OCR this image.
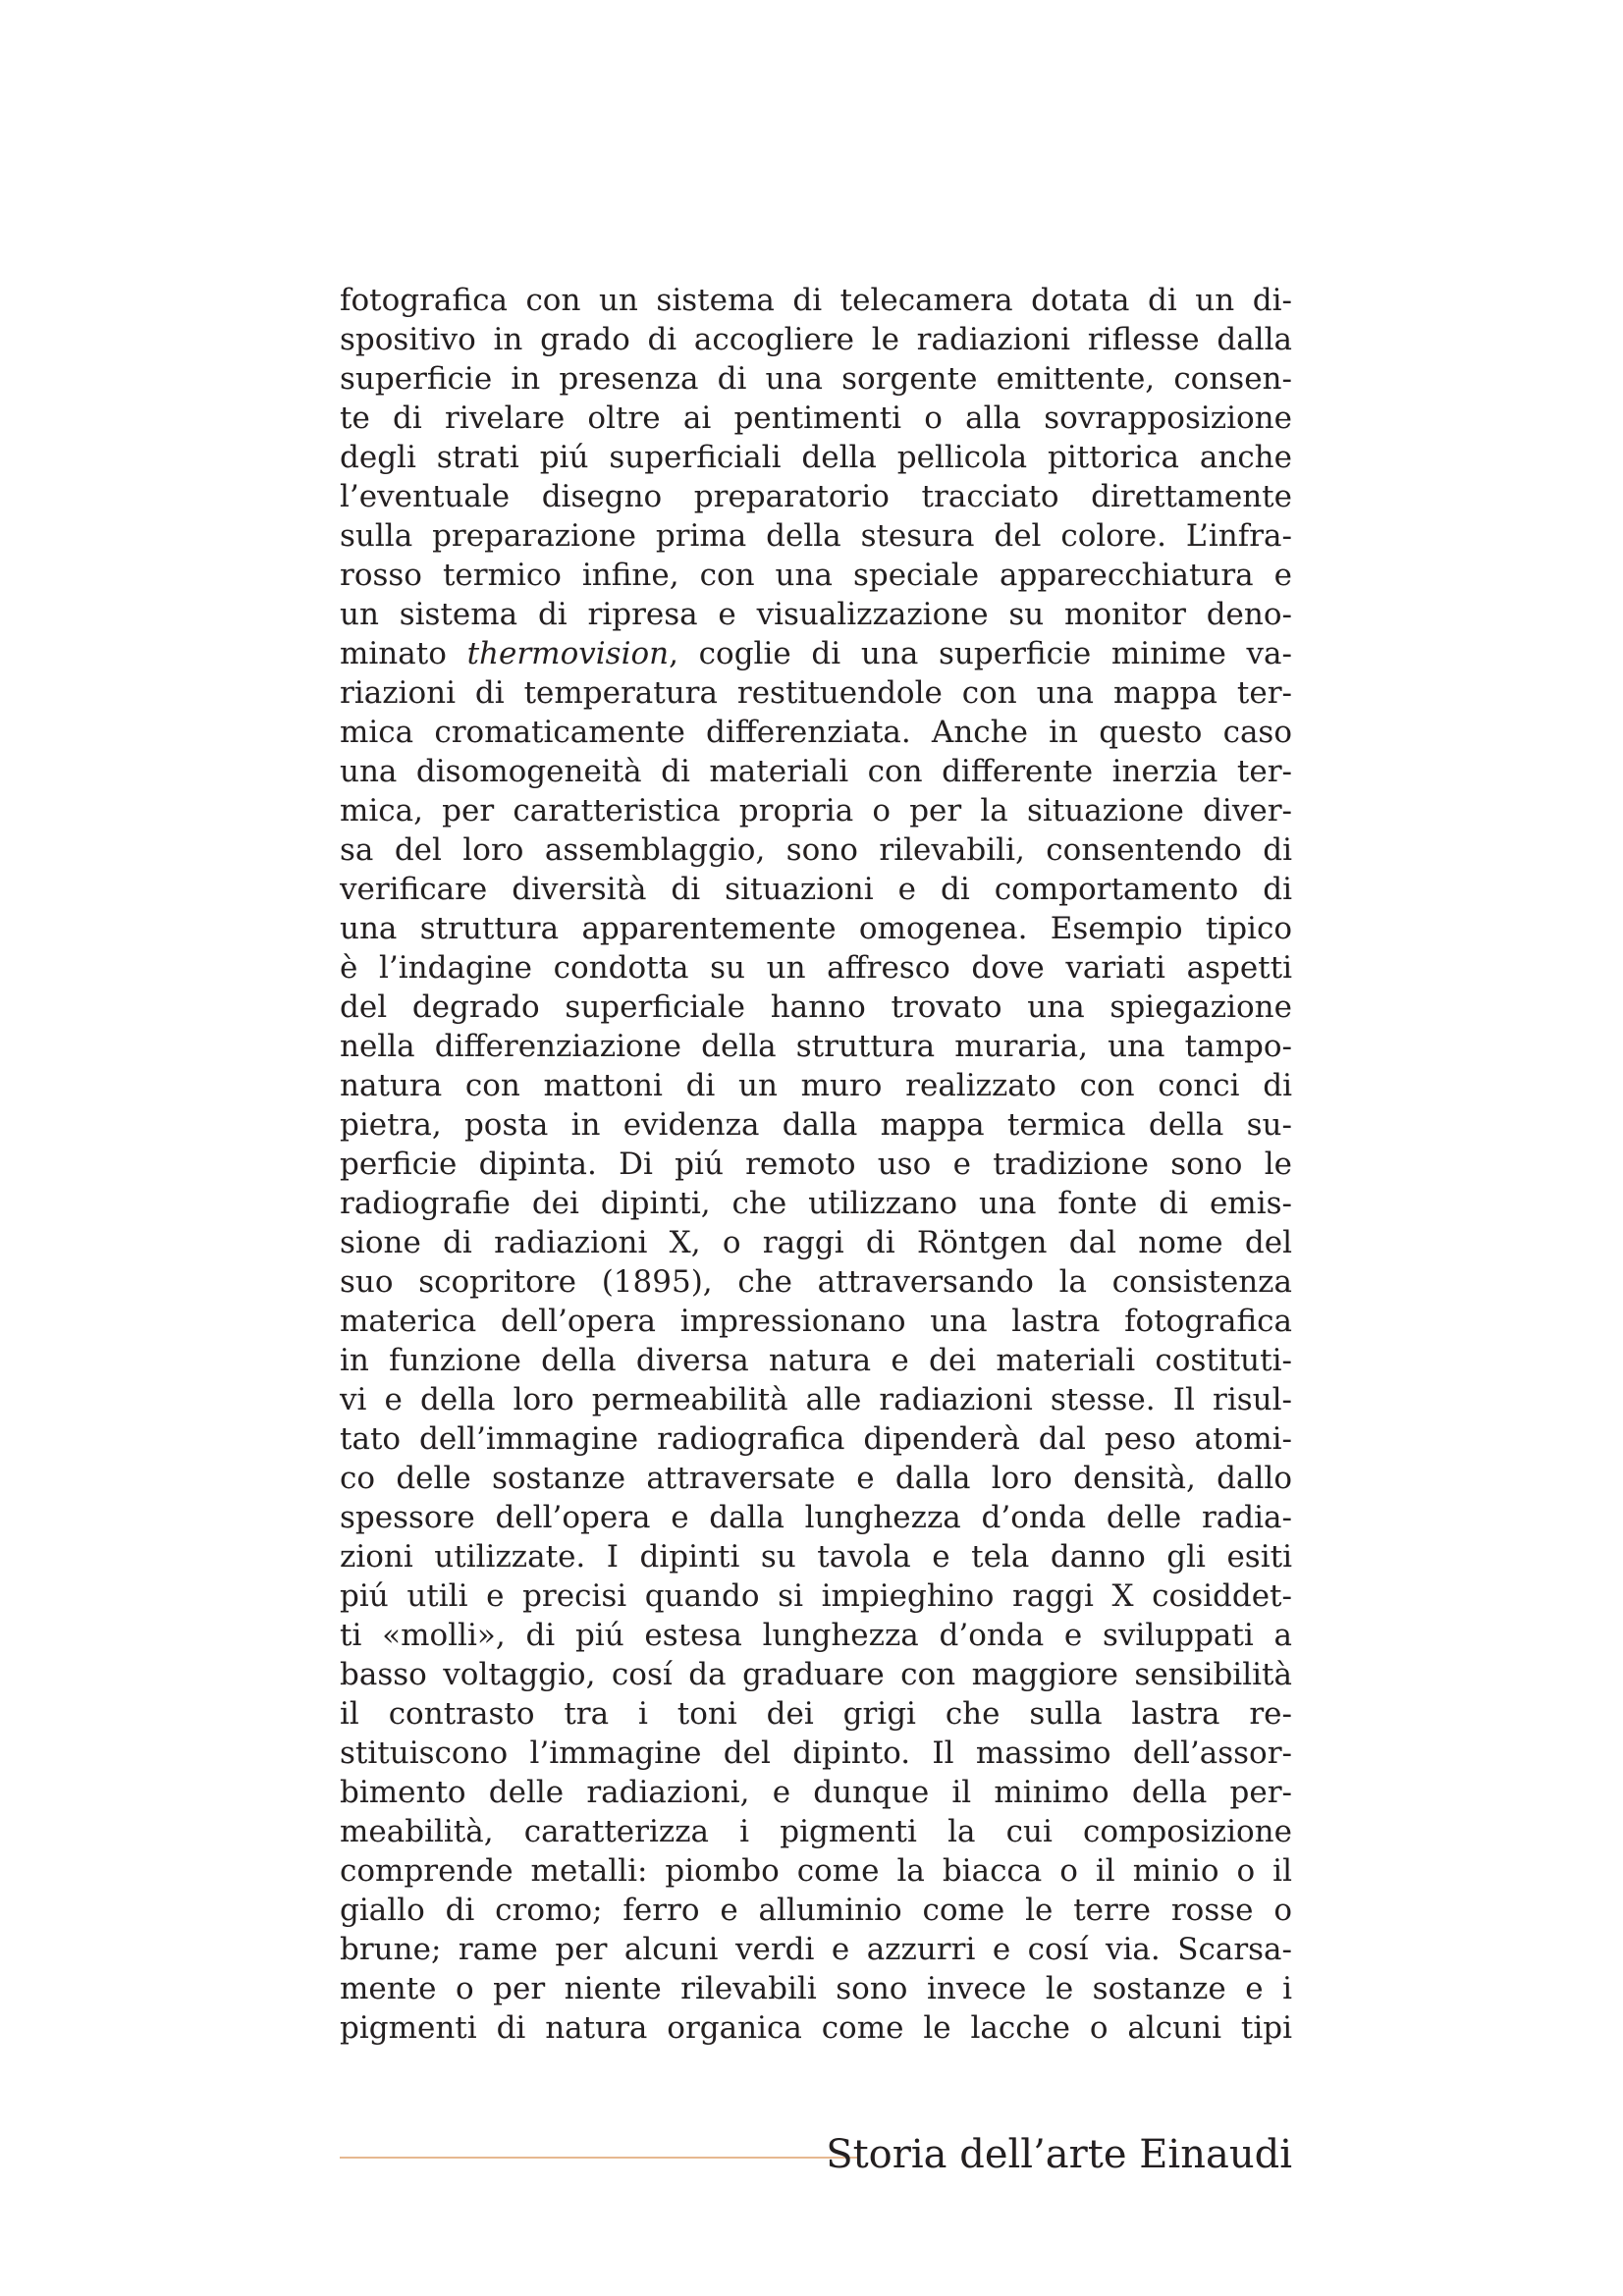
fotografica con un sistema di telecamera dotata di un di-
spositivo in grado di accogliere le radiazioni riflesse dalla
superficie in presenza di una sorgente emittente, consen-
te di rivelare oltre ai pentimenti o alla sovrapposizione
degli strati piú superficiali della pellicola pittorica anche
l’eventuale disegno preparatorio tracciato direttamente
sulla preparazione prima della stesura del colore. L’infra-
rosso termico infine, con una speciale apparecchiatura e
un sistema di ripresa e visualizzazione su monitor deno-
minato thermovision, coglie di una superficie minime va-
riazioni di temperatura restituendole con una mappa ter-
mica cromaticamente differenziata. Anche in questo caso
una disomogeneità di materiali con differente inerzia ter-
mica, per caratteristica propria o per la situazione diver-
sa del loro assemblaggio, sono rilevabili, consentendo di
verificare diversità di situazioni e di comportamento di
una struttura apparentemente omogenea. Esempio tipico
è l’indagine condotta su un affresco dove variati aspetti
del degrado superficiale hanno trovato una spiegazione
nella differenziazione della struttura muraria, una tampo-
natura con mattoni di un muro realizzato con conci di
pietra, posta in evidenza dalla mappa termica della su-
perficie dipinta. Di piú remoto uso e tradizione sono le
radiografie dei dipinti, che utilizzano una fonte di emis-
sione di radiazioni X, o raggi di Röntgen dal nome del
suo scopritore (1895), che attraversando la consistenza
materica dell’opera impressionano una lastra fotografica
in funzione della diversa natura e dei materiali costituti-
vi e della loro permeabilità alle radiazioni stesse. Il risul-
tato dell’immagine radiografica dipenderà dal peso atomi-
co delle sostanze attraversate e dalla loro densità, dallo
spessore dell’opera e dalla lunghezza d’onda delle radia-
zioni utilizzate. I dipinti su tavola e tela danno gli esiti
piú utili e precisi quando si impieghino raggi X cosiddet-
ti «molli», di piú estesa lunghezza d’onda e sviluppati a
basso voltaggio, cosí da graduare con maggiore sensibilità
il contrasto tra i toni dei grigi che sulla lastra re-
stituiscono l’immagine del dipinto. Il massimo dell’assor-
bimento delle radiazioni, e dunque il minimo della per-
meabilità, caratterizza i pigmenti la cui composizione
comprende metalli: piombo come la biacca o il minio o il
giallo di cromo; ferro e alluminio come le terre rosse o
brune; rame per alcuni verdi e azzurri e cosí via. Scarsa-
mente o per niente rilevabili sono invece le sostanze e i
pigmenti di natura organica come le lacche o alcuni tipi
Storia dell’arte Einaudi
